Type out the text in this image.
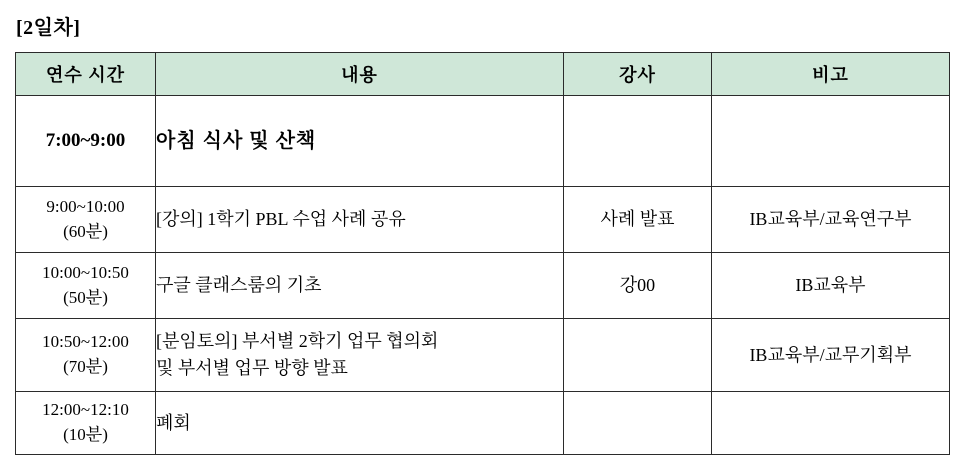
[2일차]
연수 시간	내용	강사	비고

7:00~9:00	아침 식사 및 산책		

9:00~10:00
(60분)	[강의] 1학기 PBL 수업 사례 공유	사례 발표	IB교육부/교육연구부

10:00~10:50
(50분)	구글 클래스룸의 기초	강00	IB교육부

10:50~12:00
(70분)	[분임토의] 부서별 2학기 업무 협의회
및 부서별 업무 방향 발표		IB교육부/교무기획부

12:00~12:10
(10분)	폐회		
